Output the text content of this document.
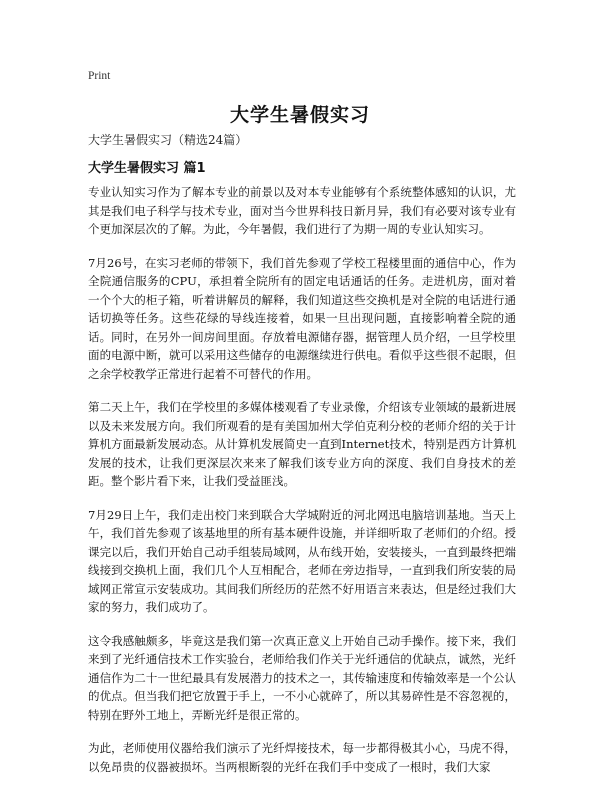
Print
大学生暑假实习

大学生暑假实习（精选24篇）

大学生暑假实习 篇1

专业认知实习作为了解本专业的前景以及对本专业能够有个系统整体感知的认识，尤其是我们电子科学与技术专业，面对当今世界科技日新月异，我们有必要对该专业有个更加深层次的了解。为此，今年暑假，我们进行了为期一周的专业认知实习。

7月26号，在实习老师的带领下，我们首先参观了学校工程楼里面的通信中心，作为全院通信服务的CPU，承担着全院所有的固定电话通话的任务。走进机房，面对着一个个大的柜子箱，听着讲解员的解释，我们知道这些交换机是对全院的电话进行通话切换等任务。这些花绿的导线连接着，如果一旦出现问题，直接影响着全院的通话。同时，在另外一间房间里面。存放着电源储存器，据管理人员介绍，一旦学校里面的电源中断，就可以采用这些储存的电源继续进行供电。看似乎这些很不起眼，但之余学校教学正常进行起着不可替代的作用。

第二天上午，我们在学校里的多媒体楼观看了专业录像，介绍该专业领域的最新进展以及未来发展方向。我们所观看的是有美国加州大学伯克利分校的老师介绍的关于计算机方面最新发展动态。从计算机发展简史一直到Internet技术，特别是西方计算机发展的技术，让我们更深层次来来了解我们该专业方向的深度、我们自身技术的差距。整个影片看下来，让我们受益匪浅。

7月29日上午，我们走出校门来到联合大学城附近的河北网迅电脑培训基地。当天上午，我们首先参观了该基地里的所有基本硬件设施，并详细听取了老师们的介绍。授课完以后，我们开始自己动手组装局域网，从布线开始，安装接头，一直到最终把端线接到交换机上面，我们几个人互相配合，老师在旁边指导，一直到我们所安装的局域网正常宣示安装成功。其间我们所经历的茫然不好用语言来表达，但是经过我们大家的努力，我们成功了。

这令我感触颇多，毕竟这是我们第一次真正意义上开始自己动手操作。接下来，我们来到了光纤通信技术工作实验台，老师给我们作关于光纤通信的优缺点，诚然，光纤通信作为二十一世纪最具有发展潜力的技术之一，其传输速度和传输效率是一个公认的优点。但当我们把它放置于手上，一不小心就碎了，所以其易碎性是不容忽视的，特别在野外工地上，弄断光纤是很正常的。

为此，老师使用仪器给我们演示了光纤焊接技术，每一步都得极其小心，马虎不得，以免昂贵的仪器被损坏。当两根断裂的光纤在我们手中变成了一根时，我们大家
